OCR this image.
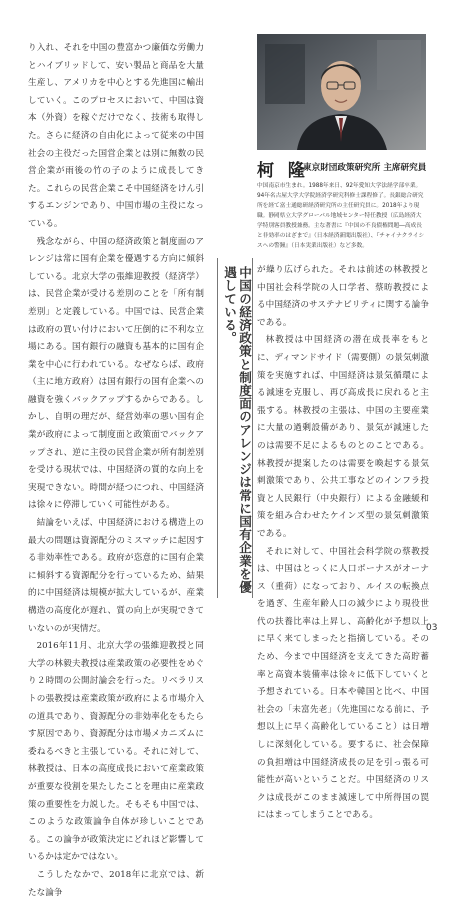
り入れ、それを中国の豊富かつ廉価な労働力とハイブリッドして、安い製品と商品を大量生産し、アメリカを中心とする先進国に輸出していく。このプロセスにおいて、中国は資本（外資）を稼ぐだけでなく、技術も取得した。さらに経済の自由化によって従来の中国社会の主役だった国営企業とは別に無数の民営企業が雨後の竹の子のように成長してきた。これらの民営企業こそ中国経済をけん引するエンジンであり、中国市場の主役になっている。

残念ながら、中国の経済政策と制度面のアレンジは常に国有企業を優遇する方向に傾斜している。北京大学の張維迎教授（経済学）は、民営企業が受ける差別のことを「所有制差別」と定義している。中国では、民営企業は政府の買い付けにおいて圧倒的に不利な立場にある。国有銀行の融資も基本的に国有企業を中心に行われている。なぜならば、政府（主に地方政府）は国有銀行の国有企業への融資を強くバックアップするからである。しかし、自明の理だが、経営効率の悪い国有企業が政府によって制度面と政策面でバックアップされ、逆に主役の民営企業が所有制差別を受ける現状では、中国経済の質的な向上を実現できない。時間が経つにつれ、中国経済は徐々に停滞していく可能性がある。

結論をいえば、中国経済における構造上の最大の問題は資源配分のミスマッチに起因する非効率性である。政府が恣意的に国有企業に傾斜する資源配分を行っているため、結果的に中国経済は規模が拡大しているが、産業構造の高度化が遅れ、質の向上が実現できていないのが実情だ。

2016年11月、北京大学の張維迎教授と同大学の林毅夫教授は産業政策の必要性をめぐり２時間の公開討論会を行った。リベラリストの張教授は産業政策が政府による市場介入の道具であり、資源配分の非効率化をもたらす原因であり、資源配分は市場メカニズムに委ねるべきと主張している。それに対して、林教授は、日本の高度成長において産業政策が重要な役割を果たしたことを理由に産業政策の重要性を力説した。そもそも中国では、このような政策論争自体が珍しいことである。この論争が政策決定にどれほど影響しているかは定かではない。

こうしたなかで、2018年に北京では、新たな論争

柯 隆
東京財団政策研究所 主席研究員

中国南京市生まれ。1988年来日、92年愛知大学法経学部卒業。94年名古屋大学大学院経済学研究科修士課程修了。長銀総合研究所を経て富士通総研経済研究所の主任研究員に。2018年より現職。静岡県立大学グローバル地域センター特任教授（広島経済大学特別客員教授兼務。主な著書に『中国の不良債権問題―高成長と非効率のはざまで』（日本経済新聞出版社）、『チャイナクライシスへの警鐘』（日本実業出版社）など多数。

中国の経済政策と制度面のアレンジは常に国有企業を優遇している。	が繰り広げられた。それは前述の林教授と中国社会科学院の人口学者、蔡昉教授による中国経済のサステナビリティに関する論争である。

林教授は中国経済の潜在成長率をもとに、ディマンドサイド（需要側）の景気刺激策を実施すれば、中国経済は景気循環による減速を克服し、再び高成長に戻れると主張する。林教授の主張は、中国の主要産業に大量の過剰設備があり、景気が減速したのは需要不足によるものとのことである。林教授が提案したのは需要を喚起する景気刺激策であり、公共工事などのインフラ投資と人民銀行（中央銀行）による金融緩和策を組み合わせたケインズ型の景気刺激策である。

それに対して、中国社会科学院の蔡教授は、中国はとっくに人口ボーナスがオーナス（重荷）になっており、ルイスの転換点を過ぎ、生産年齢人口の減少により現役世代の扶養比率は上昇し、高齢化が予想以上に早く来てしまったと指摘している。そのため、今まで中国経済を支えてきた高貯蓄率と高資本装備率は徐々に低下していくと予想されている。日本や韓国と比べ、中国社会の「未富先老」（先進国になる前に、予想以上に早く高齢化していること）は日増しに深刻化している。要するに、社会保障の負担増は中国経済成長の足を引っ張る可能性が高いということだ。中国経済のリスクは成長がこのまま減速して中所得国の罠にはまってしまうことである。

03
